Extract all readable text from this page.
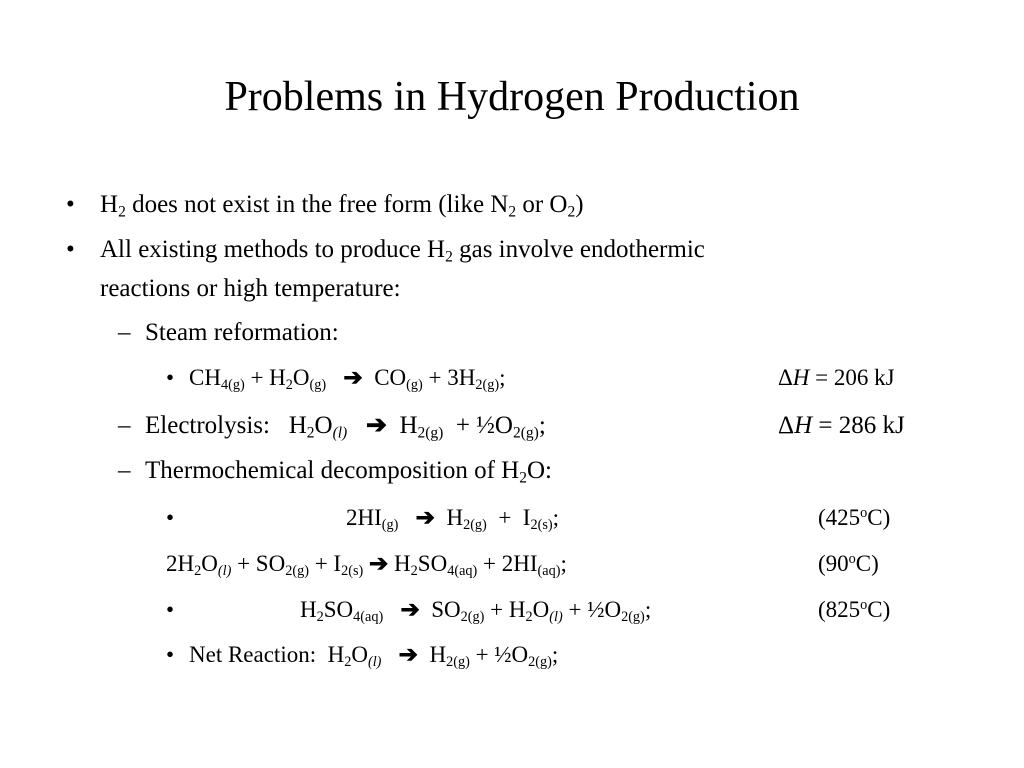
Problems in Hydrogen Production
• $H_2$ does not exist in the free form (like $N_2$ or $O_2$)
• All existing methods to produce $H_2$ gas involve endothermic
reactions or high temperature:
– Steam reformation:
• $CH_{4(g)} + H_2O_{(g)}$ ➔ $CO_{(g)} + 3H_{2(g)}$;	ΔH = 206 kJ
– Electrolysis:   $H_2O_{(l)}$ ➔ $H_{2(g)}$  + $\frac{1}{2}O_{2(g)}$;	ΔH = 286 kJ
– Thermochemical decomposition of $H_2O$:
•	$2HI_{(g)}$ ➔ $H_{2(g)} + I_{2(s)}$;	(425$^o$C)
$2H_2O_{(l)} + SO_{2(g)} + I_{2(s)}$ ➔ $H_2SO_{4(aq)} + 2HI_{(aq)}$;	(90$^o$C)
•	$H_2SO_{4(aq)}$ ➔ $SO_{2(g)} + H_2O_{(l)}$ + $\frac{1}{2}O_{2(g)}$;	(825$^o$C)
• Net Reaction:  $H_2O_{(l)}$ ➔ $H_{2(g)}$ + $\frac{1}{2}O_{2(g)}$;
